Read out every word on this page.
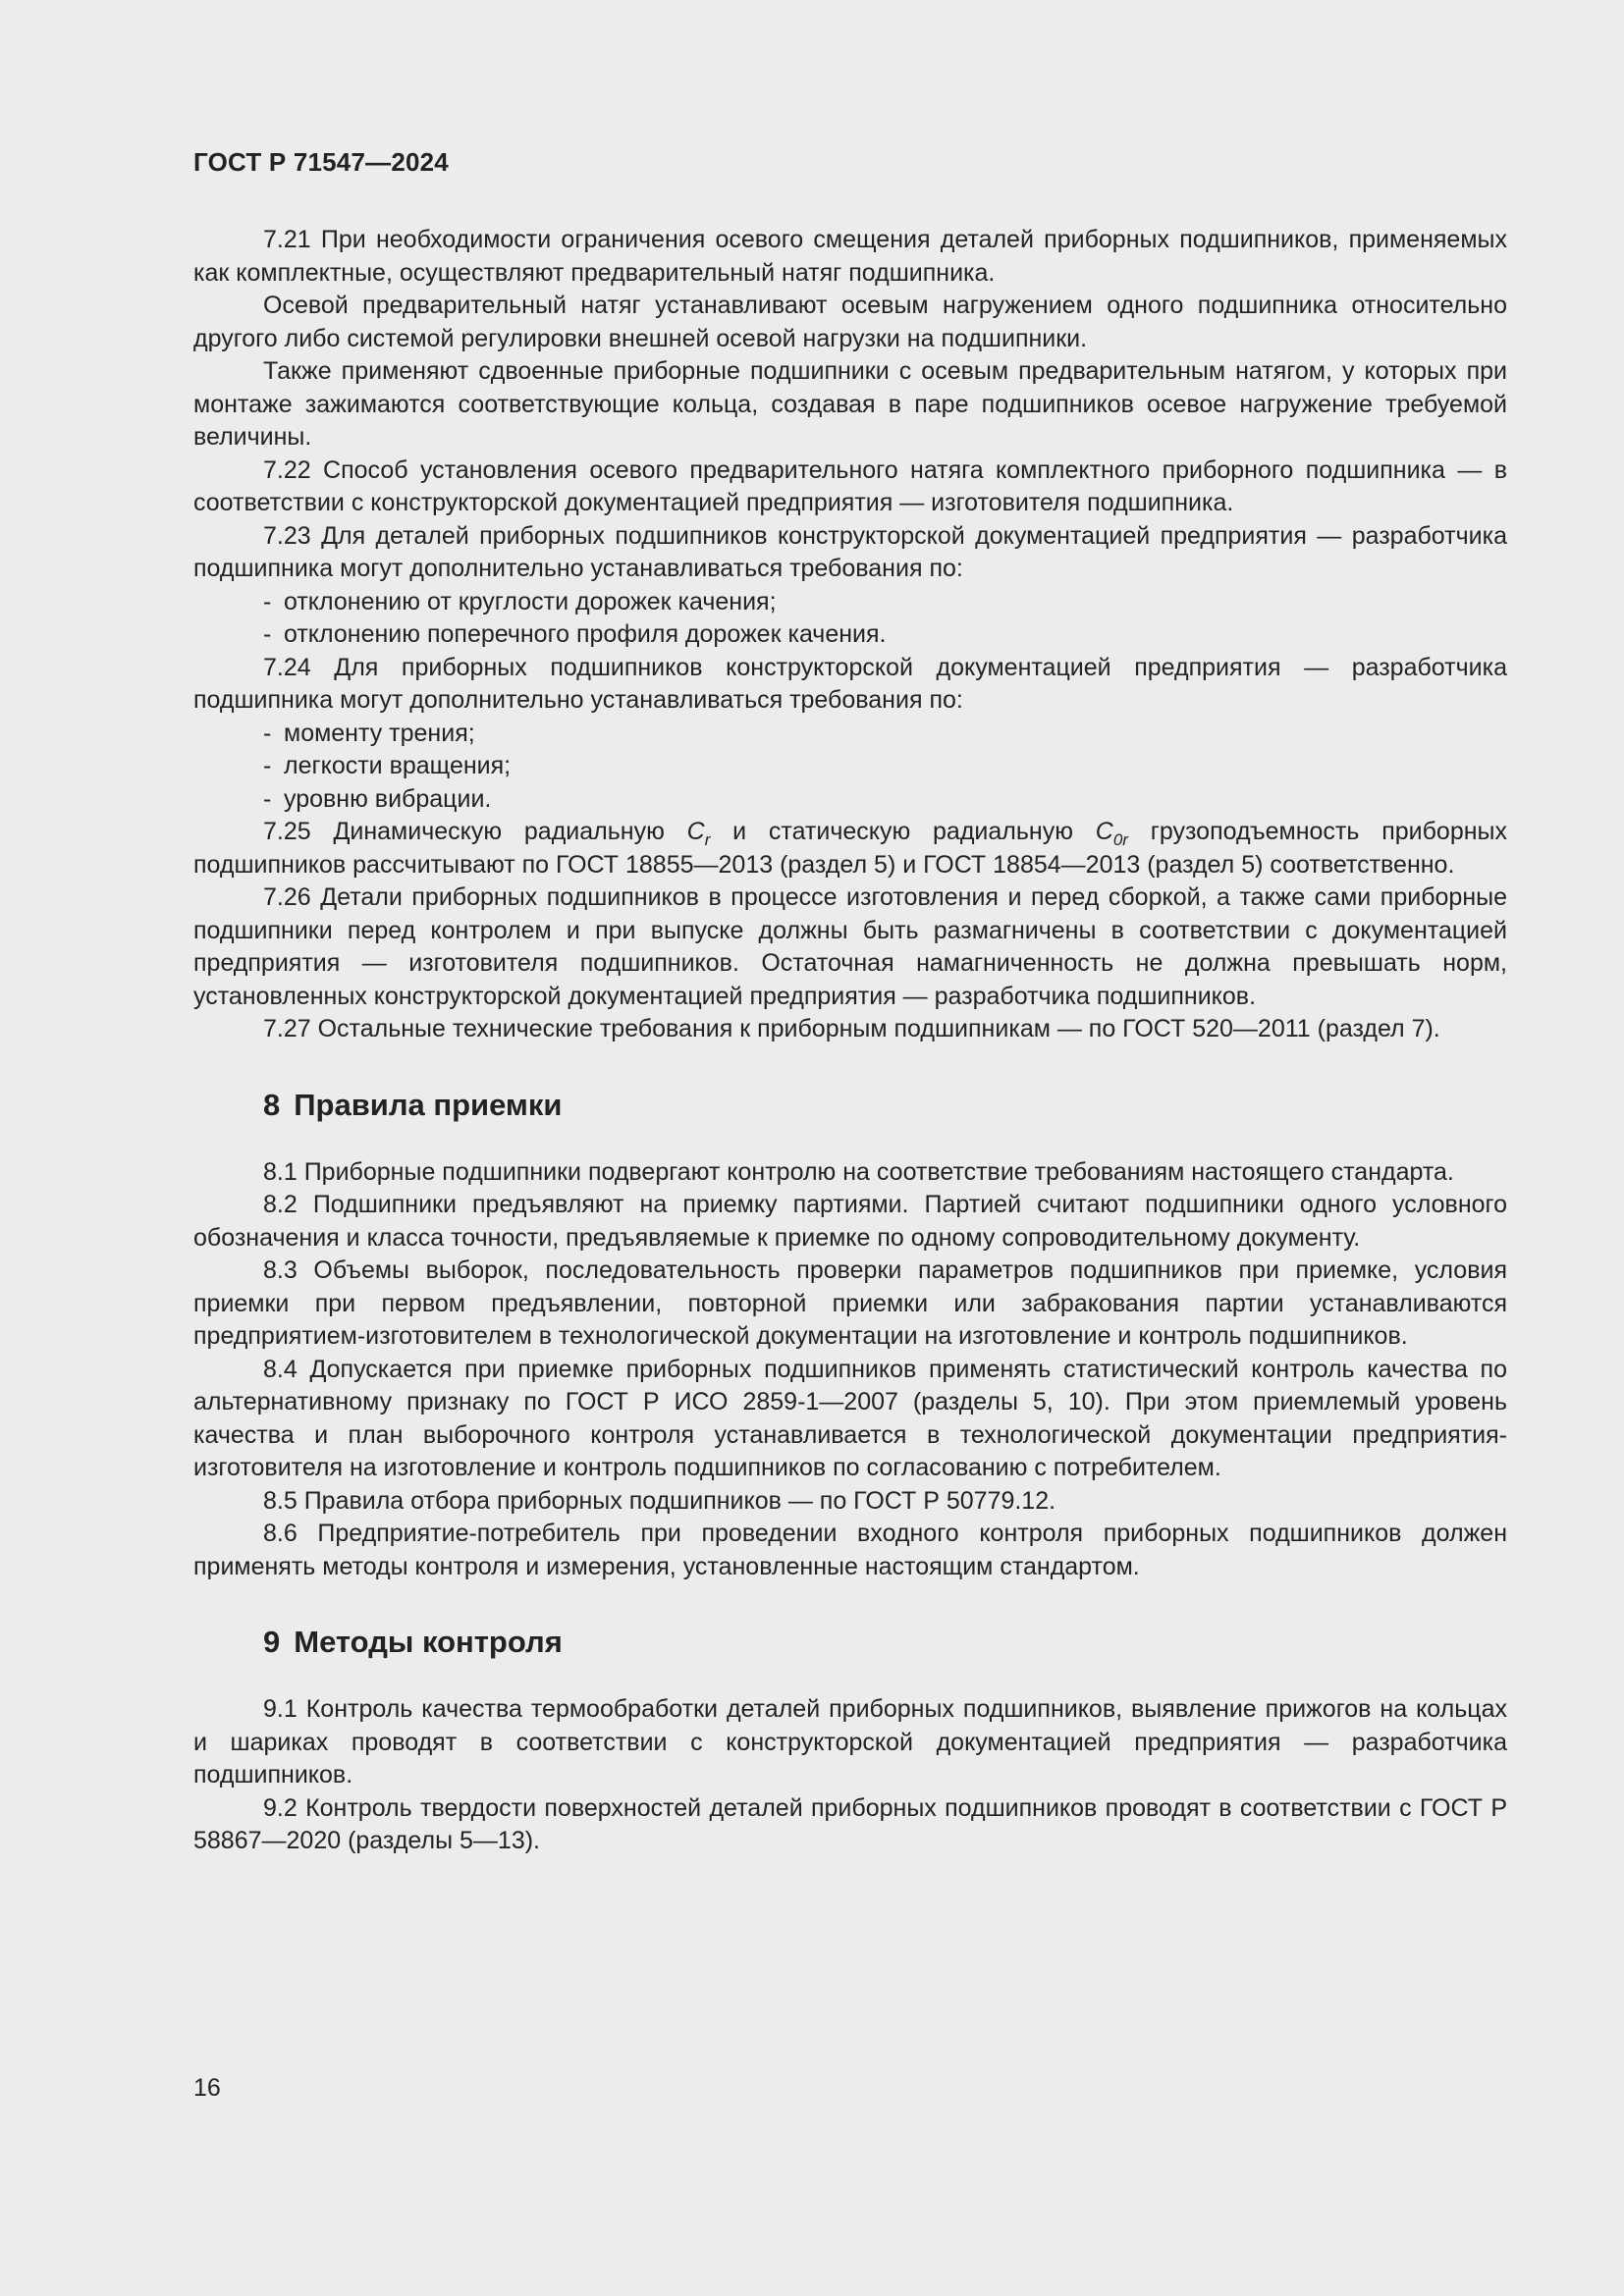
ГОСТ Р 71547—2024

7.21 При необходимости ограничения осевого смещения деталей приборных подшипников, применяемых как комплектные, осуществляют предварительный натяг подшипника.

Осевой предварительный натяг устанавливают осевым нагружением одного подшипника относительно другого либо системой регулировки внешней осевой нагрузки на подшипники.

Также применяют сдвоенные приборные подшипники с осевым предварительным натягом, у которых при монтаже зажимаются соответствующие кольца, создавая в паре подшипников осевое нагружение требуемой величины.

7.22 Способ установления осевого предварительного натяга комплектного приборного подшипника — в соответствии с конструкторской документацией предприятия — изготовителя подшипника.

7.23 Для деталей приборных подшипников конструкторской документацией предприятия — разработчика подшипника могут дополнительно устанавливаться требования по:

- отклонению от круглости дорожек качения;
- отклонению поперечного профиля дорожек качения.

7.24 Для приборных подшипников конструкторской документацией предприятия — разработчика подшипника могут дополнительно устанавливаться требования по:

- моменту трения;
- легкости вращения;
- уровню вибрации.

7.25 Динамическую радиальную $C_r$ и статическую радиальную $C_{0r}$ грузоподъемность приборных подшипников рассчитывают по ГОСТ 18855—2013 (раздел 5) и ГОСТ 18854—2013 (раздел 5) соответственно.

7.26 Детали приборных подшипников в процессе изготовления и перед сборкой, а также сами приборные подшипники перед контролем и при выпуске должны быть размагничены в соответствии с документацией предприятия — изготовителя подшипников. Остаточная намагниченность не должна превышать норм, установленных конструкторской документацией предприятия — разработчика подшипников.

7.27 Остальные технические требования к приборным подшипникам — по ГОСТ 520—2011 (раздел 7).

8 Правила приемки

8.1 Приборные подшипники подвергают контролю на соответствие требованиям настоящего стандарта.

8.2 Подшипники предъявляют на приемку партиями. Партией считают подшипники одного условного обозначения и класса точности, предъявляемые к приемке по одному сопроводительному документу.

8.3 Объемы выборок, последовательность проверки параметров подшипников при приемке, условия приемки при первом предъявлении, повторной приемки или забракования партии устанавливаются предприятием-изготовителем в технологической документации на изготовление и контроль подшипников.

8.4 Допускается при приемке приборных подшипников применять статистический контроль качества по альтернативному признаку по ГОСТ Р ИСО 2859-1—2007 (разделы 5, 10). При этом приемлемый уровень качества и план выборочного контроля устанавливается в технологической документации предприятия-изготовителя на изготовление и контроль подшипников по согласованию с потребителем.

8.5 Правила отбора приборных подшипников — по ГОСТ Р 50779.12.

8.6 Предприятие-потребитель при проведении входного контроля приборных подшипников должен применять методы контроля и измерения, установленные настоящим стандартом.

9 Методы контроля

9.1 Контроль качества термообработки деталей приборных подшипников, выявление прижогов на кольцах и шариках проводят в соответствии с конструкторской документацией предприятия — разработчика подшипников.

9.2 Контроль твердости поверхностей деталей приборных подшипников проводят в соответствии с ГОСТ Р 58867—2020 (разделы 5—13).

16
